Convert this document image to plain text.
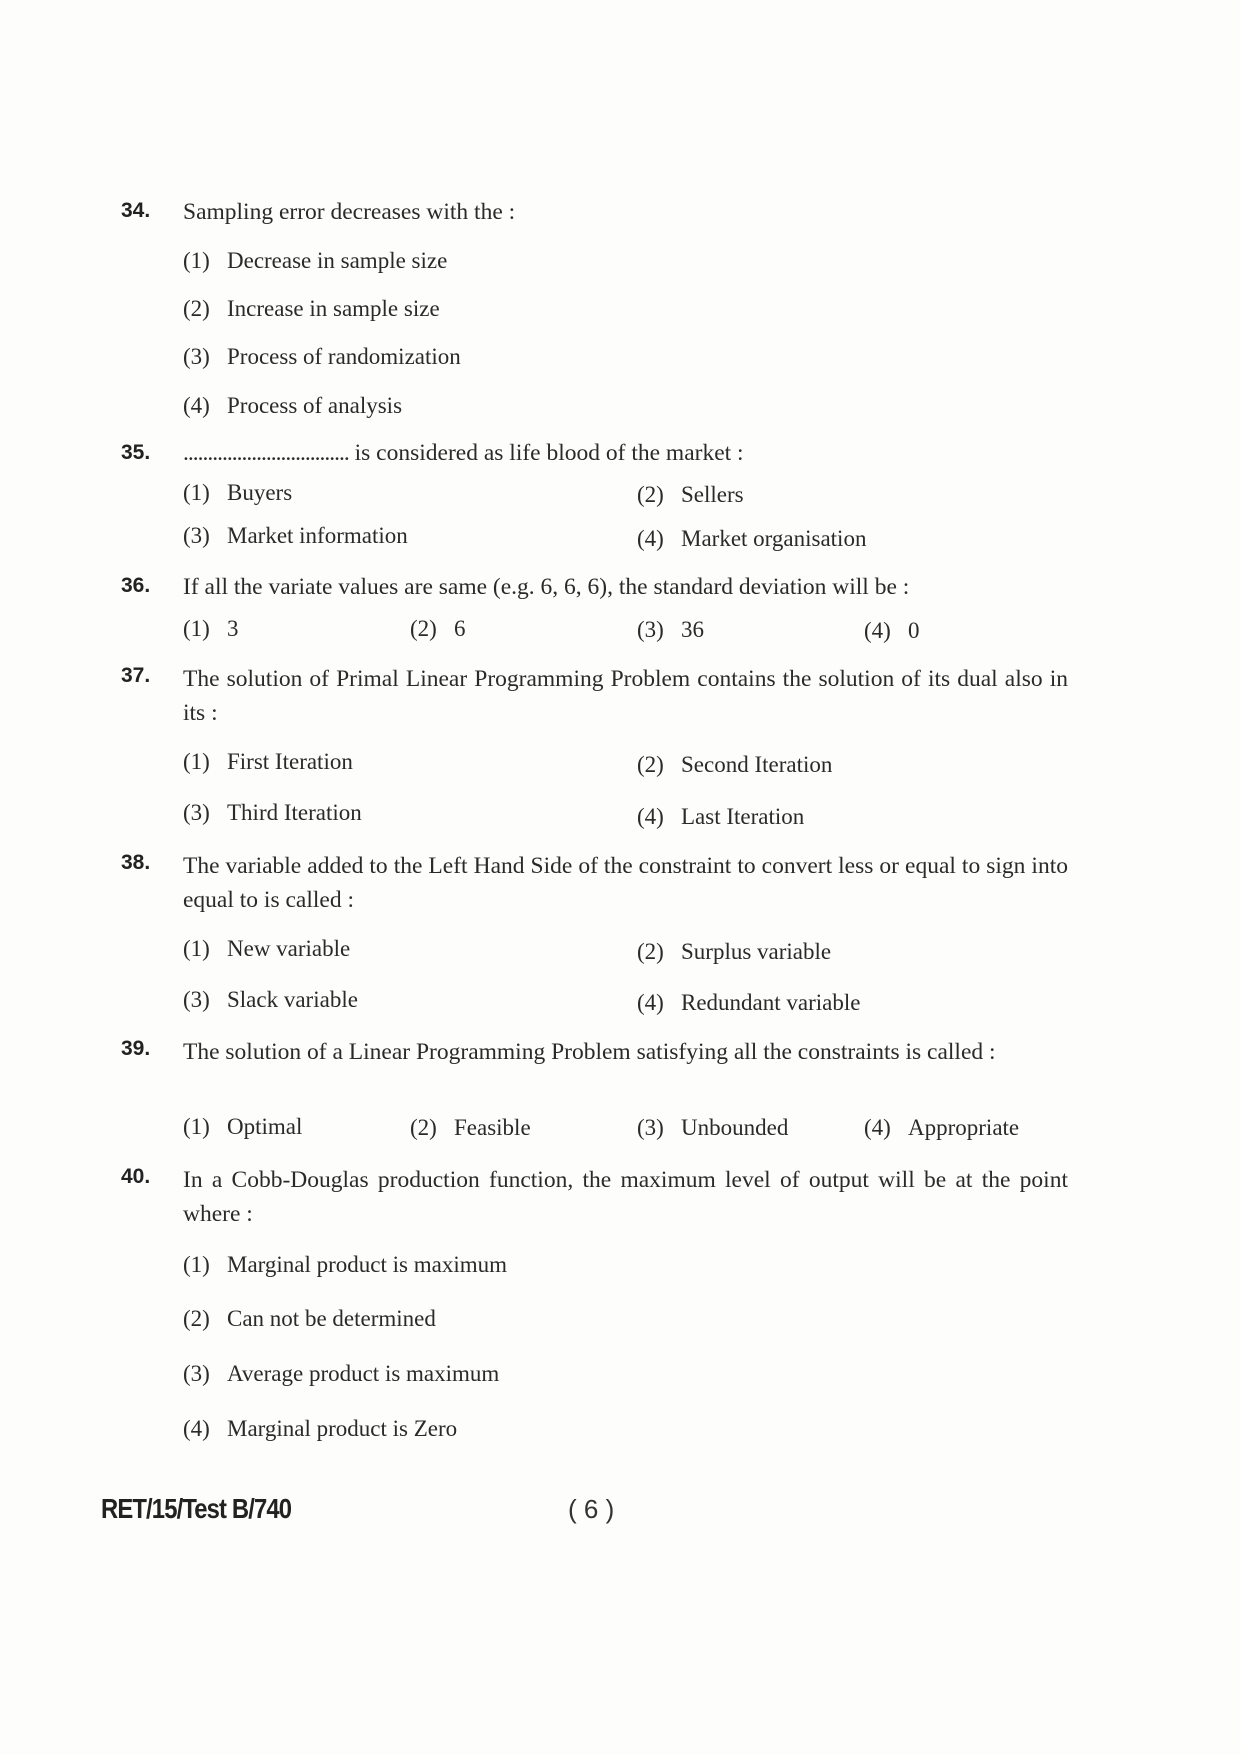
34. Sampling error decreases with the :
(1) Decrease in sample size
(2) Increase in sample size
(3) Process of randomization
(4) Process of analysis
35. .................................. is considered as life blood of the market :
(1) Buyers	(2) Sellers
(3) Market information	(4) Market organisation
36. If all the variate values are same (e.g. 6, 6, 6), the standard deviation will be :
(1) 3	(2) 6	(3) 36	(4) 0
37. The solution of Primal Linear Programming Problem contains the solution of its dual also in its :
(1) First Iteration	(2) Second Iteration
(3) Third Iteration	(4) Last Iteration
38. The variable added to the Left Hand Side of the constraint to convert less or equal to sign into equal to is called :
(1) New variable	(2) Surplus variable
(3) Slack variable	(4) Redundant variable
39. The solution of a Linear Programming Problem satisfying all the constraints is called :
(1) Optimal	(2) Feasible	(3) Unbounded	(4) Appropriate
40. In a Cobb-Douglas production function, the maximum level of output will be at the point where :
(1) Marginal product is maximum
(2) Can not be determined
(3) Average product is maximum
(4) Marginal product is Zero
RET/15/Test B/740	( 6 )
